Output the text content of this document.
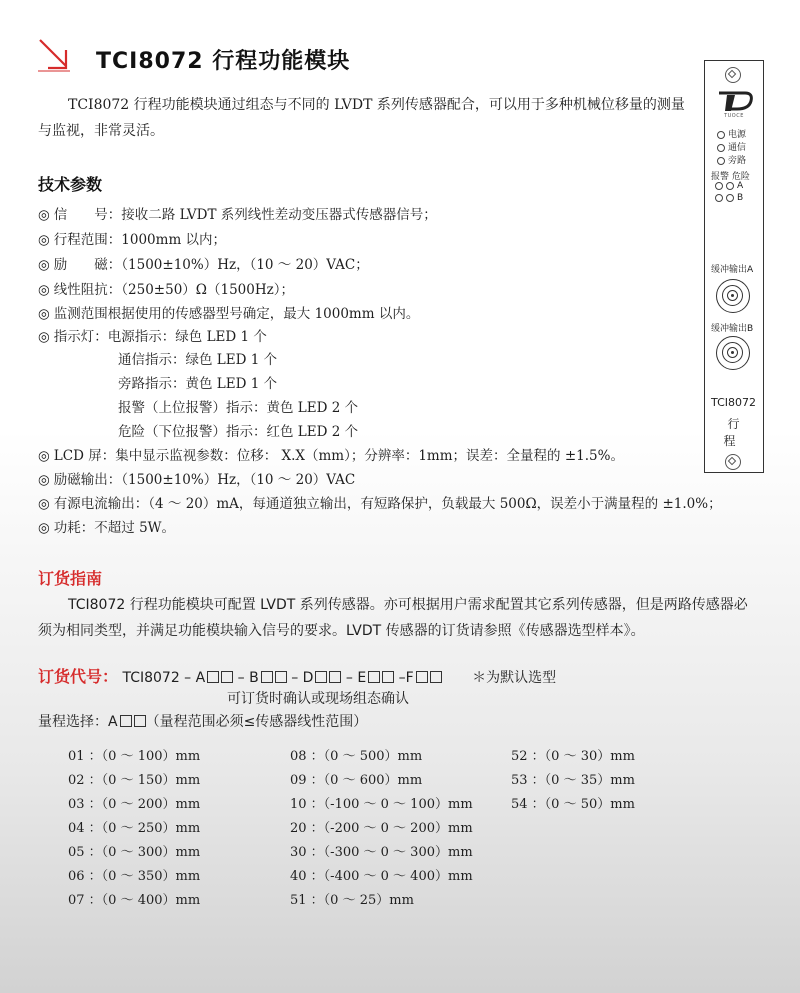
TCI8072 行程功能模块
TCI8072 行程功能模块通过组态与不同的 LVDT 系列传感器配合，可以用于多种机械位移量的测量与监视，非常灵活。
技术参数
◎ 信　　号：接收二路 LVDT 系列线性差动变压器式传感器信号；
◎ 行程范围：1000mm 以内；
◎ 励　　磁：（1500±10%）Hz，（10 ～ 20）VAC；
◎ 线性阻抗：（250±50）Ω（1500Hz）；
◎ 监测范围根据使用的传感器型号确定，最大 1000mm 以内。
◎ 指示灯：电源指示：绿色 LED 1 个
通信指示：绿色 LED 1 个
旁路指示：黄色 LED 1 个
报警（上位报警）指示：黄色 LED 2 个
危险（下位报警）指示：红色 LED 2 个
◎ LCD 屏：集中显示监视参数：位移： X.X（mm）；分辨率：1mm；误差：全量程的 ±1.5%。
◎ 励磁输出：（1500±10%）Hz，（10 ～ 20）VAC
◎ 有源电流输出：（4 ～ 20）mA，每通道独立输出，有短路保护，负载最大 500Ω，误差小于满量程的 ±1.0%；
◎ 功耗：不超过 5W。
TUOCE
电源
通信
旁路
报警 危险
A
B
缓冲输出A
缓冲输出B
TCI8072
行 程
订货指南
TCI8072 行程功能模块可配置 LVDT 系列传感器。亦可根据用户需求配置其它系列传感器，但是两路传感器必须为相同类型，并满足功能模块输入信号的要求。LVDT 传感器的订货请参照《传感器选型样本》。
订货代号： TCI8072 – A – B – D – E –F	＊为默认选型
可订货时确认或现场组态确认
量程选择：A （量程范围必须≤传感器线性范围）
01 ：（0 ～ 100）mm
02 ：（0 ～ 150）mm
03 ：（0 ～ 200）mm
04 ：（0 ～ 250）mm
05 ：（0 ～ 300）mm
06 ：（0 ～ 350）mm
07 ：（0 ～ 400）mm
08 ：（0 ～ 500）mm
09 ：（0 ～ 600）mm
10 ：（-100 ～ 0 ～ 100）mm
20 ：（-200 ～ 0 ～ 200）mm
30 ：（-300 ～ 0 ～ 300）mm
40 ：（-400 ～ 0 ～ 400）mm
51 ：（0 ～ 25）mm
52 ：（0 ～ 30）mm
53 ：（0 ～ 35）mm
54 ：（0 ～ 50）mm
